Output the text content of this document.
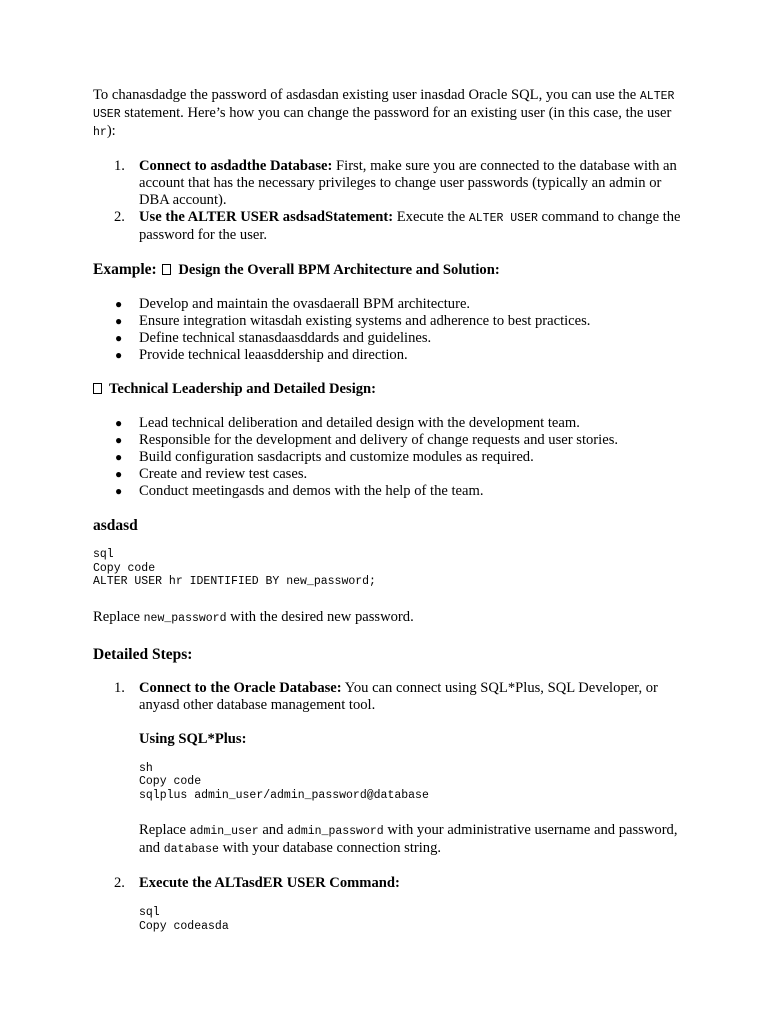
To chanasdadge the password of asdasdan existing user inasdad Oracle SQL, you can use the ALTER USER statement. Here’s how you can change the password for an existing user (in this case, the user hr):

1. Connect to asdadthe Database: First, make sure you are connected to the database with an account that has the necessary privileges to change user passwords (typically an admin or DBA account).
2. Use the ALTER USER asdsadStatement: Execute the ALTER USER command to change the password for the user.

Example: Design the Overall BPM Architecture and Solution:

● Develop and maintain the ovasdaerall BPM architecture.
● Ensure integration witasdah existing systems and adherence to best practices.
● Define technical stanasdaasddards and guidelines.
● Provide technical leaasddership and direction.

Technical Leadership and Detailed Design:

● Lead technical deliberation and detailed design with the development team.
● Responsible for the development and delivery of change requests and user stories.
● Build configuration sasdacripts and customize modules as required.
● Create and review test cases.
● Conduct meetingasds and demos with the help of the team.

asdasd

sql
Copy code
ALTER USER hr IDENTIFIED BY new_password;

Replace new_password with the desired new password.

Detailed Steps:

1. Connect to the Oracle Database: You can connect using SQL*Plus, SQL Developer, or anyasd other database management tool.

Using SQL*Plus:

sh
Copy code
sqlplus admin_user/admin_password@database

Replace admin_user and admin_password with your administrative username and password, and database with your database connection string.

2. Execute the ALTasdER USER Command:
sql
Copy codeasda
